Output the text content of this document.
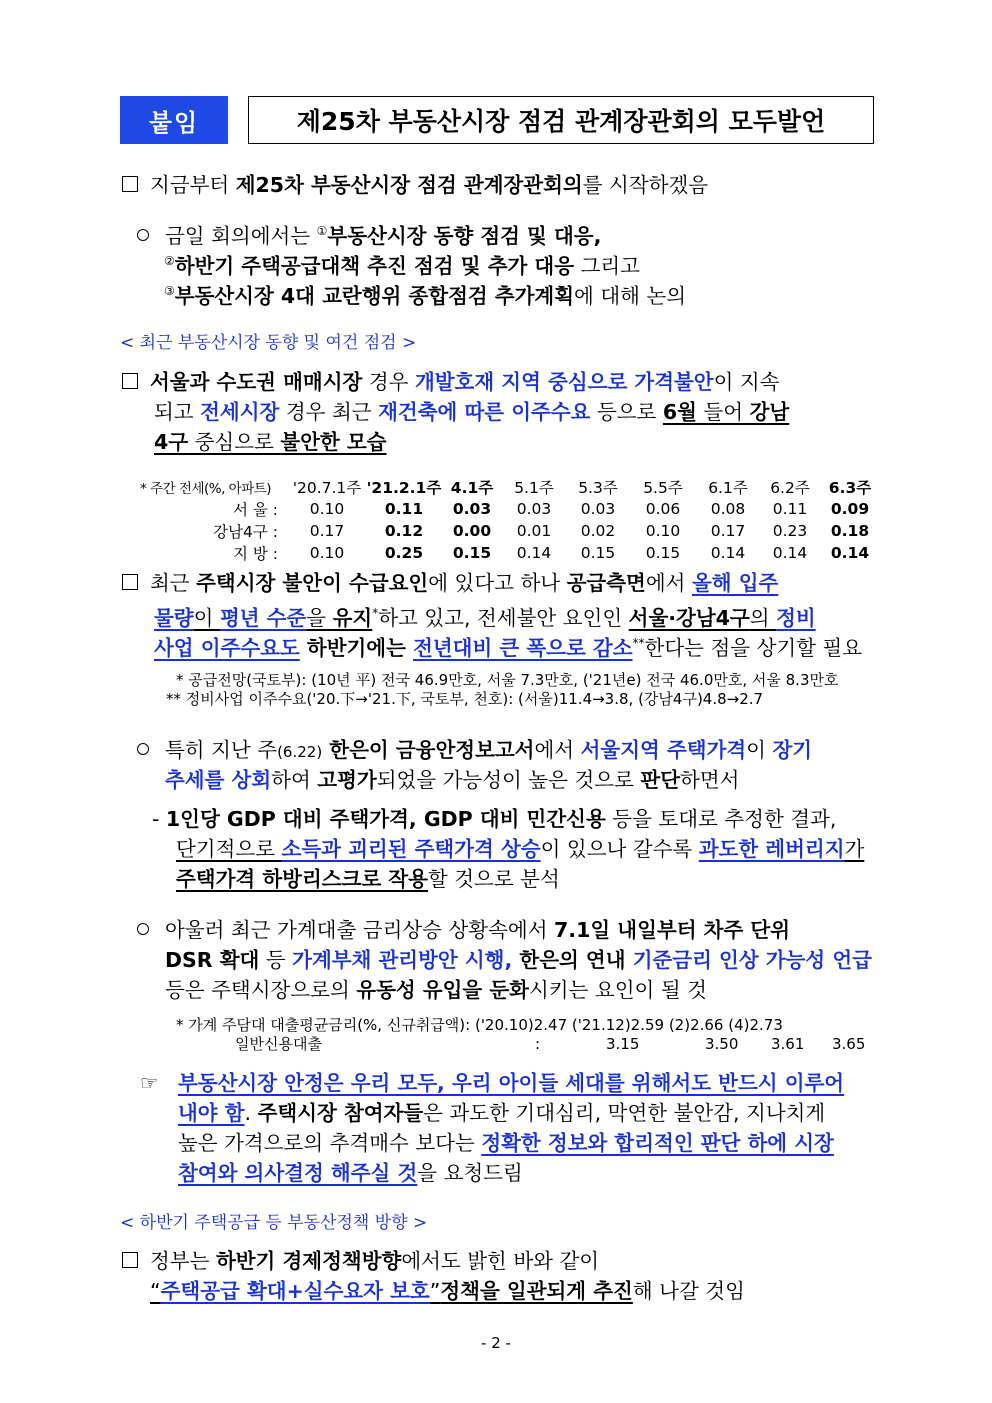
붙임	제25차 부동산시장 점검 관계장관회의 모두발언
지금부터 제25차 부동산시장 점검 관계장관회의를 시작하겠음
금일 회의에서는 ①부동산시장 동향 점검 및 대응,
②하반기 주택공급대책 추진 점검 및 추가 대응 그리고
③부동산시장 4대 교란행위 종합점검 추가계획에 대해 논의
< 최근 부동산시장 동향 및 여건 점검 >
서울과 수도권 매매시장 경우 개발호재 지역 중심으로 가격불안이 지속
되고 전세시장 경우 최근 재건축에 따른 이주수요 등으로 6월 들어 강남
4구 중심으로 불안한 모습
* 주간 전세(%, 아파트)	'20.7.1주	'21.2.1주	4.1주	5.1주	5.3주	5.5주	6.1주	6.2주	6.3주
서 울 :	0.10	0.11	0.03	0.03	0.03	0.06	0.08	0.11	0.09
강남4구 :	0.17	0.12	0.00	0.01	0.02	0.10	0.17	0.23	0.18
지 방 :	0.10	0.25	0.15	0.14	0.15	0.15	0.14	0.14	0.14
최근 주택시장 불안이 수급요인에 있다고 하나 공급측면에서 올해 입주
물량이 평년 수준을 유지*하고 있고, 전세불안 요인인 서울·강남4구의 정비
사업 이주수요도 하반기에는 전년대비 큰 폭으로 감소**한다는 점을 상기할 필요
* 공급전망(국토부): (10년 平) 전국 46.9만호, 서울 7.3만호, ('21년e) 전국 46.0만호, 서울 8.3만호
** 정비사업 이주수요('20.下→'21.下, 국토부, 천호): (서울)11.4→3.8, (강남4구)4.8→2.7
특히 지난 주(6.22) 한은이 금융안정보고서에서 서울지역 주택가격이 장기
추세를 상회하여 고평가되었을 가능성이 높은 것으로 판단하면서
- 1인당 GDP 대비 주택가격, GDP 대비 민간신용 등을 토대로 추정한 결과,
단기적으로 소득과 괴리된 주택가격 상승이 있으나 갈수록 과도한 레버리지가
주택가격 하방리스크로 작용할 것으로 분석
아울러 최근 가계대출 금리상승 상황속에서 7.1일 내일부터 차주 단위
DSR 확대 등 가계부채 관리방안 시행, 한은의 연내 기준금리 인상 가능성 언급
등은 주택시장으로의 유동성 유입을 둔화시키는 요인이 될 것
* 가계 주담대 대출평균금리(%, 신규취급액): ('20.10)2.47 ('21.12)2.59 (2)2.66 (4)2.73
일반신용대출	:	3.15	3.50 3.61 3.65
☞ 부동산시장 안정은 우리 모두, 우리 아이들 세대를 위해서도 반드시 이루어
내야 함. 주택시장 참여자들은 과도한 기대심리, 막연한 불안감, 지나치게
높은 가격으로의 추격매수 보다는 정확한 정보와 합리적인 판단 하에 시장
참여와 의사결정 해주실 것을 요청드림
< 하반기 주택공급 등 부동산정책 방향 >
정부는 하반기 경제정책방향에서도 밝힌 바와 같이
“주택공급 확대+실수요자 보호”정책을 일관되게 추진해 나갈 것임
- 2 -
